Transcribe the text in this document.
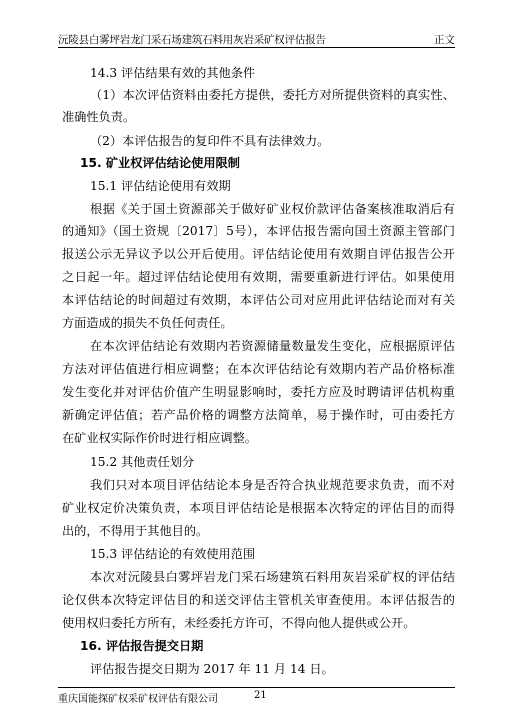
沅陵县白雾坪岩龙门采石场建筑石料用灰岩采矿权评估报告	正文
14.3 评估结果有效的其他条件
（1）本次评估资料由委托方提供，委托方对所提供资料的真实性、
准确性负责。
（2）本评估报告的复印件不具有法律效力。
15. 矿业权评估结论使用限制
15.1 评估结论使用有效期
根据《关于国土资源部关于做好矿业权价款评估备案核准取消后有
的通知》（国土资规〔2017〕5号），本评估报告需向国土资源主管部门
报送公示无异议予以公开后使用。评估结论使用有效期自评估报告公开
之日起一年。超过评估结论使用有效期，需要重新进行评估。如果使用
本评估结论的时间超过有效期，本评估公司对应用此评估结论而对有关
方面造成的损失不负任何责任。
在本次评估结论有效期内若资源储量数量发生变化，应根据原评估
方法对评估值进行相应调整；在本次评估结论有效期内若产品价格标准
发生变化并对评估价值产生明显影响时，委托方应及时聘请评估机构重
新确定评估值；若产品价格的调整方法简单，易于操作时，可由委托方
在矿业权实际作价时进行相应调整。
15.2 其他责任划分
我们只对本项目评估结论本身是否符合执业规范要求负责，而不对
矿业权定价决策负责，本项目评估结论是根据本次特定的评估目的而得
出的，不得用于其他目的。
15.3 评估结论的有效使用范围
本次对沅陵县白雾坪岩龙门采石场建筑石料用灰岩采矿权的评估结
论仅供本次特定评估目的和送交评估主管机关审查使用。本评估报告的
使用权归委托方所有，未经委托方许可，不得向他人提供或公开。
16. 评估报告提交日期
评估报告提交日期为 2017 年 11 月 14 日。
重庆国能探矿权采矿权评估有限公司	21
